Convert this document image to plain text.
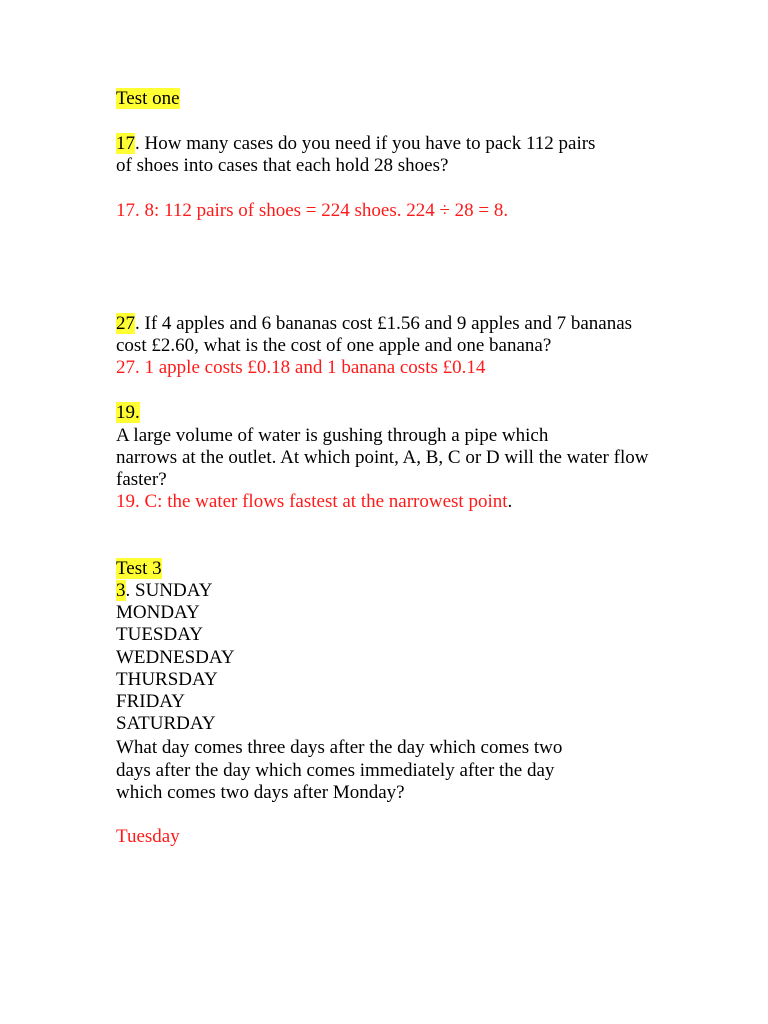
Test one
17. How many cases do you need if you have to pack 112 pairs
of shoes into cases that each hold 28 shoes?
17. 8: 112 pairs of shoes = 224 shoes. 224 ÷ 28 = 8.
27. If 4 apples and 6 bananas cost £1.56 and 9 apples and 7 bananas
cost £2.60, what is the cost of one apple and one banana?
27. 1 apple costs £0.18 and 1 banana costs £0.14
19.
A large volume of water is gushing through a pipe which
narrows at the outlet. At which point, A, B, C or D will the water flow
faster?
19. C: the water flows fastest at the narrowest point.
Test 3
3. SUNDAY
MONDAY
TUESDAY
WEDNESDAY
THURSDAY
FRIDAY
SATURDAY
What day comes three days after the day which comes two
days after the day which comes immediately after the day
which comes two days after Monday?
Tuesday
